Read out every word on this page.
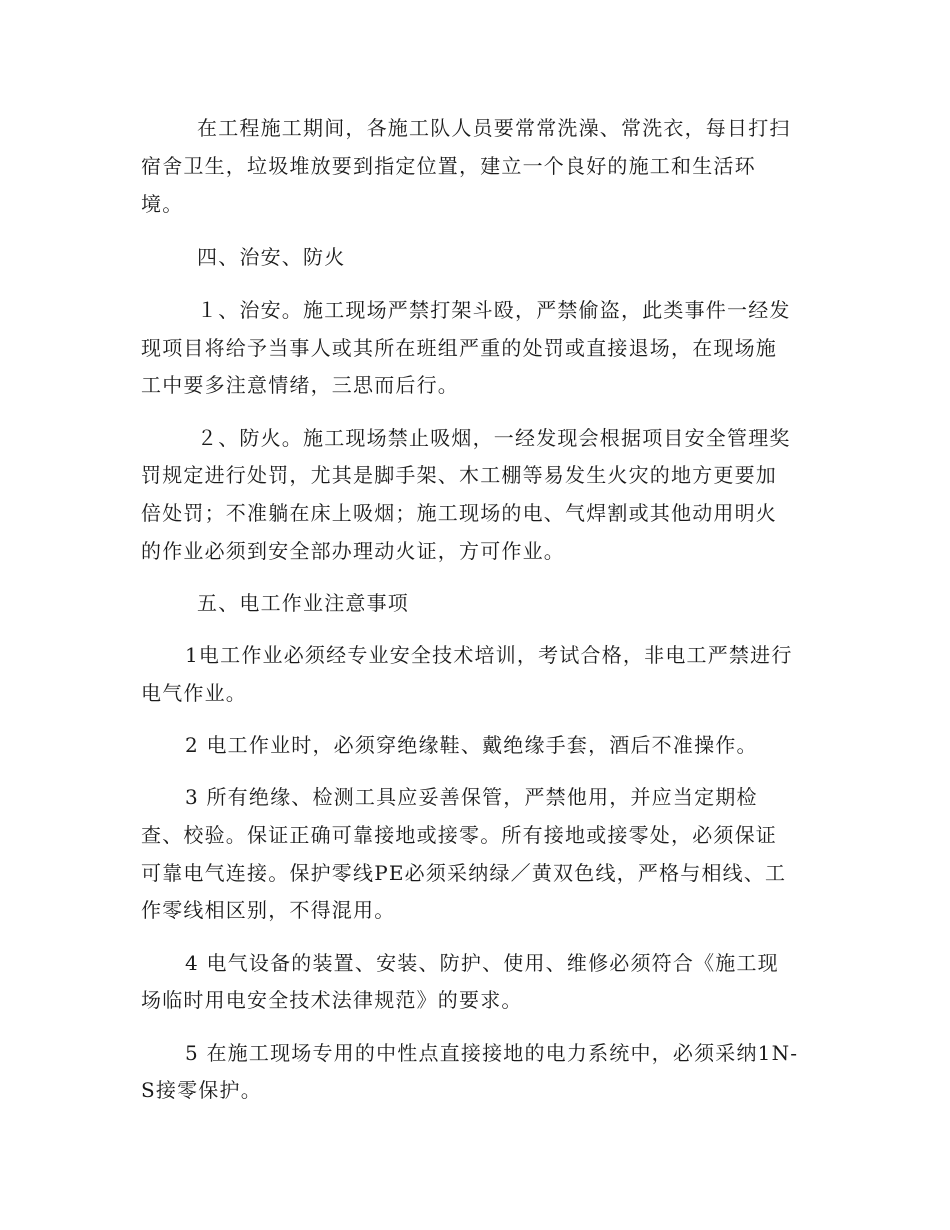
在工程施工期间，各施工队人员要常常洗澡、常洗衣，每日打扫
宿舍卫生，垃圾堆放要到指定位置，建立一个良好的施工和生活环
境。
四、治安、防火
１、治安。施工现场严禁打架斗殴，严禁偷盗，此类事件一经发
现项目将给予当事人或其所在班组严重的处罚或直接退场，在现场施
工中要多注意情绪，三思而后行。
２、防火。施工现场禁止吸烟，一经发现会根据项目安全管理奖
罚规定进行处罚，尤其是脚手架、木工棚等易发生火灾的地方更要加
倍处罚；不准躺在床上吸烟；施工现场的电、气焊割或其他动用明火
的作业必须到安全部办理动火证，方可作业。
五、电工作业注意事项
1电工作业必须经专业安全技术培训，考试合格，非电工严禁进行
电气作业。
2 电工作业时，必须穿绝缘鞋、戴绝缘手套，酒后不准操作。
3 所有绝缘、检测工具应妥善保管，严禁他用，并应当定期检
查、校验。保证正确可靠接地或接零。所有接地或接零处，必须保证
可靠电气连接。保护零线PE必须采纳绿／黄双色线，严格与相线、工
作零线相区别，不得混用。
4 电气设备的装置、安装、防护、使用、维修必须符合《施工现
场临时用电安全技术法律规范》的要求。
5 在施工现场专用的中性点直接接地的电力系统中，必须采纳1N-
S接零保护。
